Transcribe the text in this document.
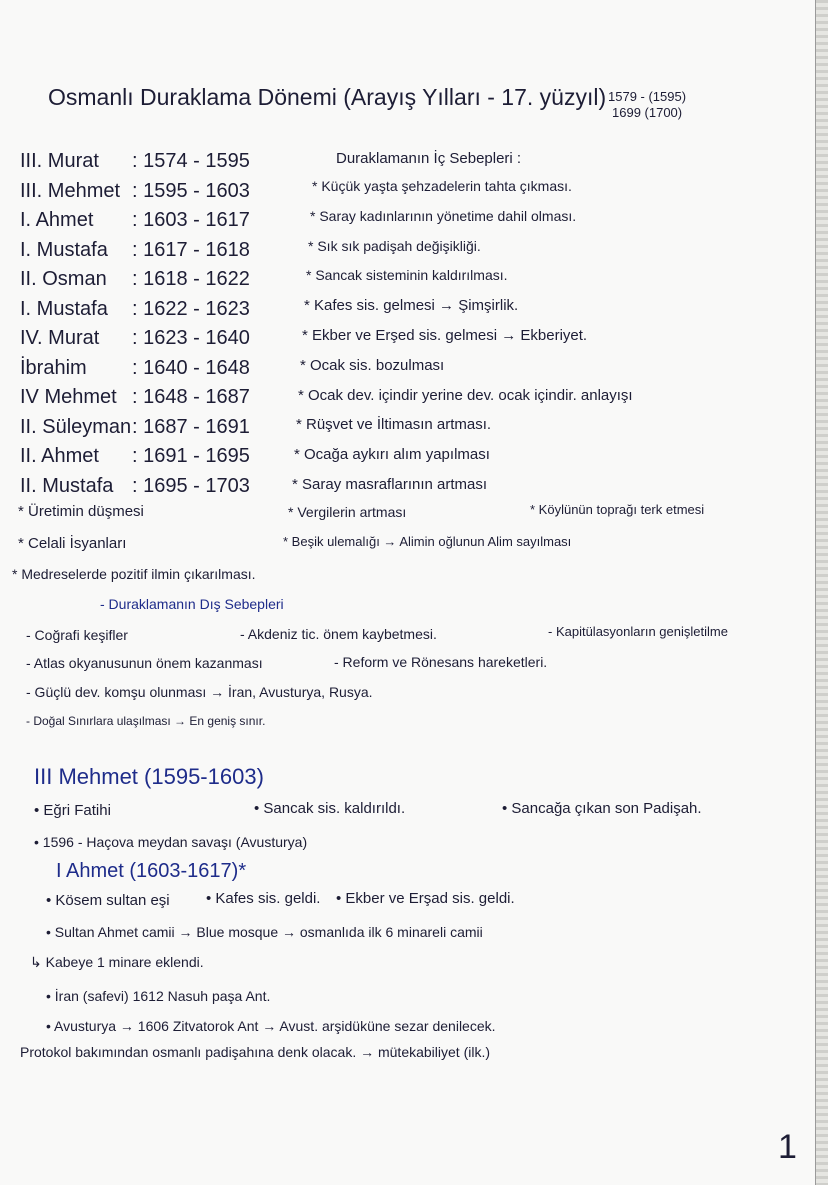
Osmanlı Duraklama Dönemi (Arayış Yılları - 17. yüzyıl) 1579 - (1595)
1699 (1700)
III. Murat : 1574 - 1595
III. Mehmet : 1595 - 1603
I. Ahmet : 1603 - 1617
I. Mustafa : 1617 - 1618
II. Osman : 1618 - 1622
I. Mustafa : 1622 - 1623
IV. Murat : 1623 - 1640
İbrahim : 1640 - 1648
IV Mehmet : 1648 - 1687
II. Süleyman: 1687 - 1691
II. Ahmet : 1691 - 1695
II. Mustafa : 1695 - 1703
Duraklamanın İç Sebepleri :
* Küçük yaşta şehzadelerin tahta çıkması.
* Saray kadınlarının yönetime dahil olması.
* Sık sık padişah değişikliği.
* Sancak sisteminin kaldırılması.
* Kafes sis. gelmesi → Şimşirlik.
* Ekber ve Erşed sis. gelmesi → Ekberiyet.
* Ocak sis. bozulması
* Ocak dev. içindir yerine dev. ocak içindir. anlayışı
* Rüşvet ve İltimasın artması.
* Ocağa aykırı alım yapılması
* Saray masraflarının artması
* Üretimin düşmesi	* Vergilerin artması	* Köylünün toprağı terk etmesi
* Celali İsyanları	* Beşik ulemalığı → Alimin oğlunun Alim sayılması
* Medreselerde pozitif ilmin çıkarılması.
- Duraklamanın Dış Sebepleri
- Coğrafi keşifler	- Akdeniz tic. önem kaybetmesi.	- Kapitülasyonların genişletilme
- Atlas okyanusunun önem kazanması	- Reform ve Rönesans hareketleri.
- Güçlü dev. komşu olunması → İran, Avusturya, Rusya.
- Doğal Sınırlara ulaşılması → En geniş sınır.
III Mehmet (1595-1603)
• Eğri Fatihi	• Sancak sis. kaldırıldı.	• Sancağa çıkan son Padişah.
• 1596 - Haçova meydan savaşı (Avusturya)
I Ahmet (1603-1617)*
• Kösem sultan eşi • Kafes sis. geldi. • Ekber ve Erşad sis. geldi.
• Sultan Ahmet camii → Blue mosque → osmanlıda ilk 6 minareli camii
↳ Kabeye 1 minare eklendi.
• İran (safevi) 1612 Nasuh paşa Ant.
• Avusturya → 1606 Zitvatorok Ant → Avust. arşidüküne sezar denilecek.
Protokol bakımından osmanlı padişahına denk olacak. → mütekabiliyet (ilk.)
1
